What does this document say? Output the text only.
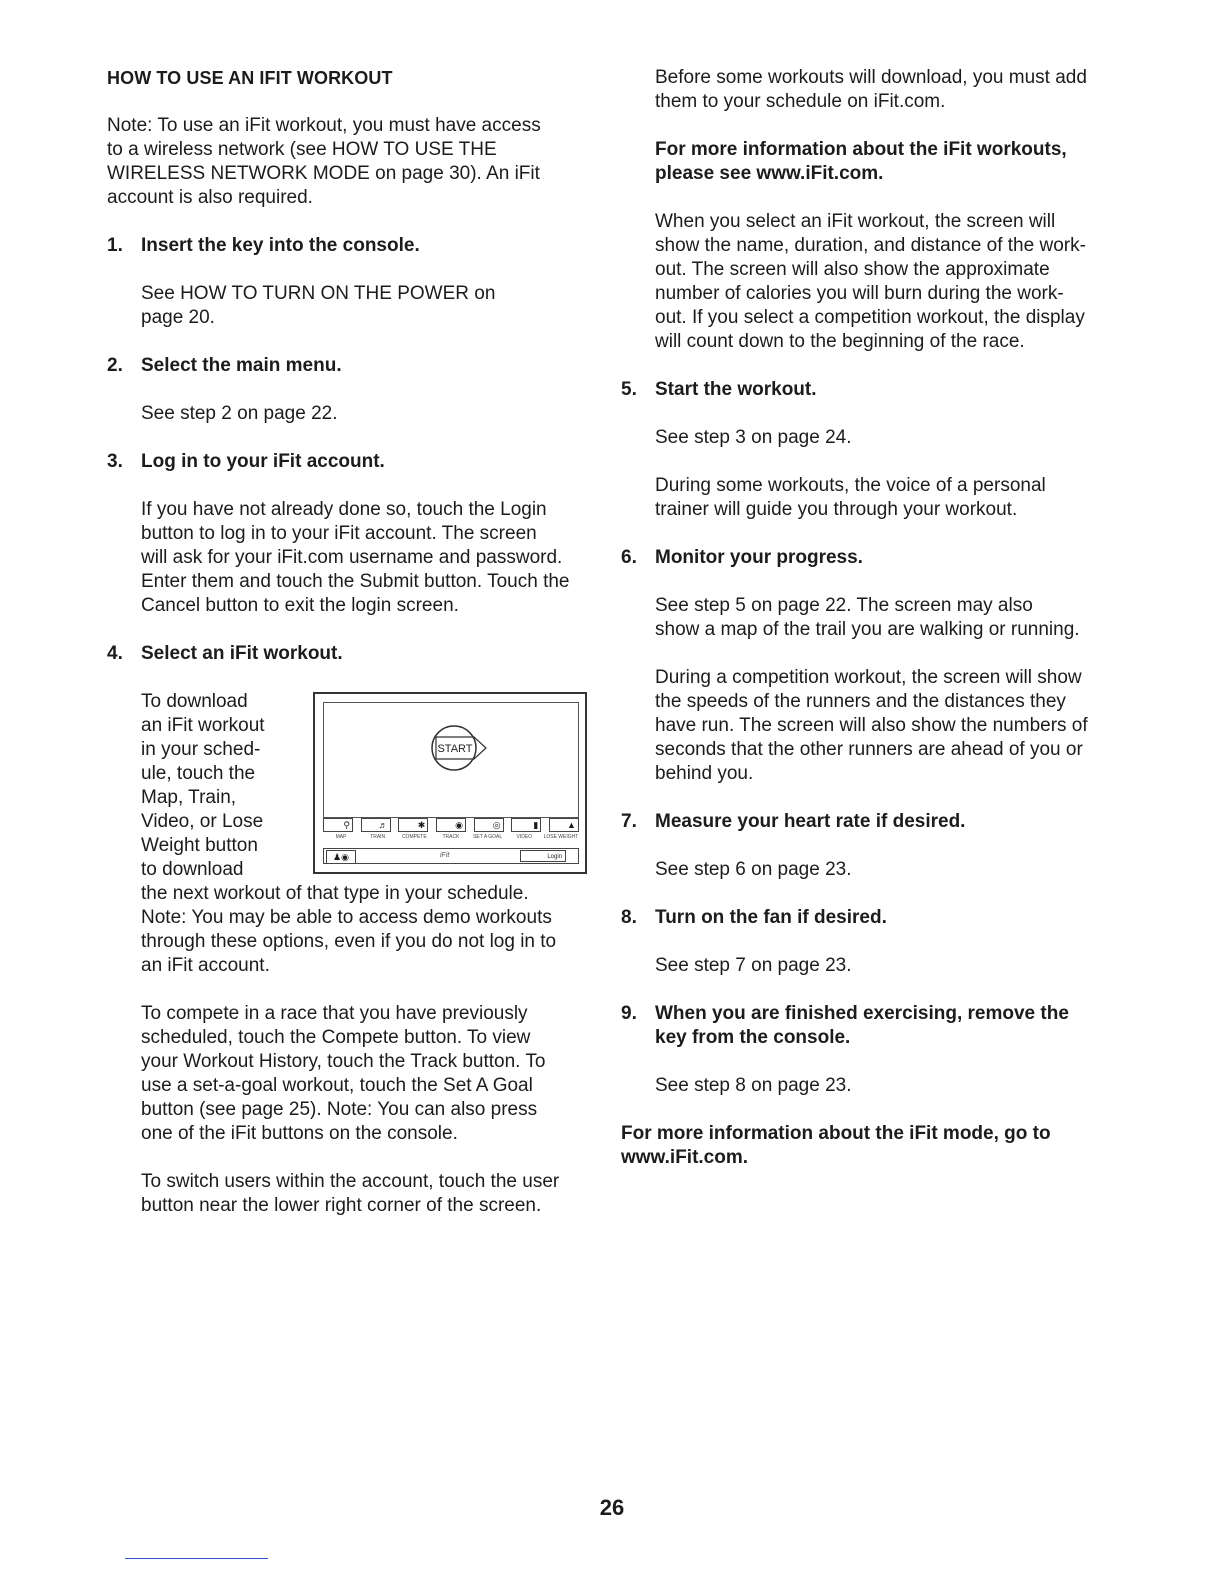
HOW TO USE AN IFIT WORKOUT

Note: To use an iFit workout, you must have access
to a wireless network (see HOW TO USE THE
WIRELESS NETWORK MODE on page 30). An iFit
account is also required.

1. Insert the key into the console.

See HOW TO TURN ON THE POWER on
page 20.

2. Select the main menu.

See step 2 on page 22.

3. Log in to your iFit account.

If you have not already done so, touch the Login
button to log in to your iFit account. The screen
will ask for your iFit.com username and password.
Enter them and touch the Submit button. Touch the
Cancel button to exit the login screen.

4. Select an iFit workout.
To download
an iFit workout
in your sched-
ule, touch the
Map, Train,
Video, or Lose
Weight button
to download
START
⚲	♬	✱	◉	◎	▮	▲
MAP	TRAIN	COMPETE	TRACK	SET A GOAL	VIDEO	LOSE WEIGHT
♟◉	iFit	Login

the next workout of that type in your schedule.
Note: You may be able to access demo workouts
through these options, even if you do not log in to
an iFit account.

To compete in a race that you have previously
scheduled, touch the Compete button. To view
your Workout History, touch the Track button. To
use a set-a-goal workout, touch the Set A Goal
button (see page 25). Note: You can also press
one of the iFit buttons on the console.

To switch users within the account, touch the user
button near the lower right corner of the screen.

Before some workouts will download, you must add
them to your schedule on iFit.com.

For more information about the iFit workouts,
please see www.iFit.com.

When you select an iFit workout, the screen will
show the name, duration, and distance of the work-
out. The screen will also show the approximate
number of calories you will burn during the work-
out. If you select a competition workout, the display
will count down to the beginning of the race.

5. Start the workout.

See step 3 on page 24.

During some workouts, the voice of a personal
trainer will guide you through your workout.

6. Monitor your progress.

See step 5 on page 22. The screen may also
show a map of the trail you are walking or running.

During a competition workout, the screen will show
the speeds of the runners and the distances they
have run. The screen will also show the numbers of
seconds that the other runners are ahead of you or
behind you.

7. Measure your heart rate if desired.

See step 6 on page 23.

8. Turn on the fan if desired.

See step 7 on page 23.

9. When you are finished exercising, remove the
key from the console.

See step 8 on page 23.

For more information about the iFit mode, go to
www.iFit.com.

26
